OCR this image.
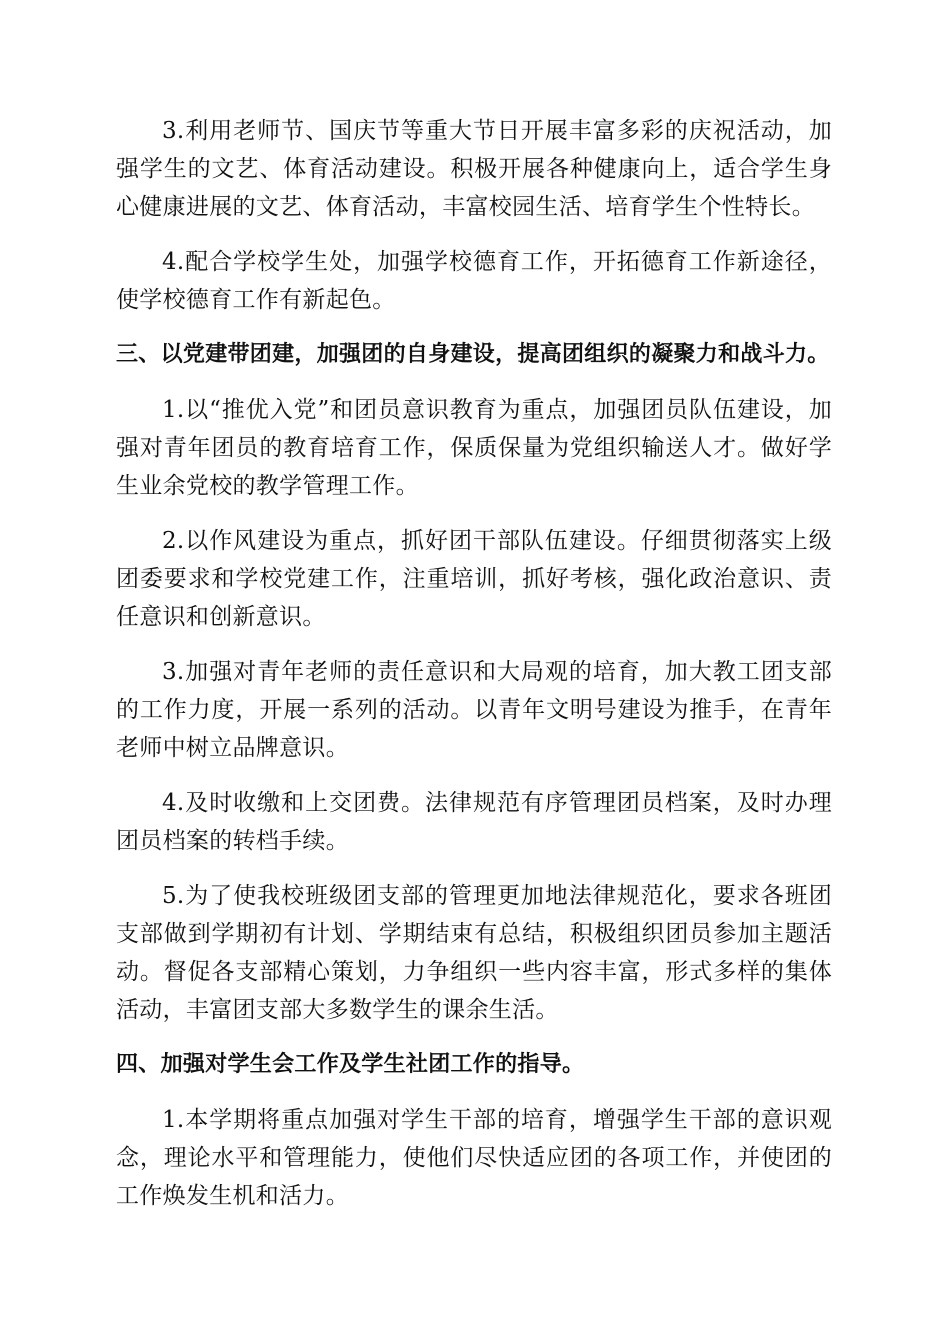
3.利用老师节、国庆节等重大节日开展丰富多彩的庆祝活动，加强学生的文艺、体育活动建设。积极开展各种健康向上，适合学生身心健康进展的文艺、体育活动，丰富校园生活、培育学生个性特长。

4.配合学校学生处，加强学校德育工作，开拓德育工作新途径，使学校德育工作有新起色。

三、以党建带团建，加强团的自身建设，提高团组织的凝聚力和战斗力。

1.以“推优入党”和团员意识教育为重点，加强团员队伍建设，加强对青年团员的教育培育工作，保质保量为党组织输送人才。做好学生业余党校的教学管理工作。

2.以作风建设为重点，抓好团干部队伍建设。仔细贯彻落实上级团委要求和学校党建工作，注重培训，抓好考核，强化政治意识、责任意识和创新意识。

3.加强对青年老师的责任意识和大局观的培育，加大教工团支部的工作力度，开展一系列的活动。以青年文明号建设为推手，在青年老师中树立品牌意识。

4.及时收缴和上交团费。法律规范有序管理团员档案，及时办理团员档案的转档手续。

5.为了使我校班级团支部的管理更加地法律规范化，要求各班团支部做到学期初有计划、学期结束有总结，积极组织团员参加主题活动。督促各支部精心策划，力争组织一些内容丰富，形式多样的集体活动，丰富团支部大多数学生的课余生活。

四、加强对学生会工作及学生社团工作的指导。

1.本学期将重点加强对学生干部的培育，增强学生干部的意识观念，理论水平和管理能力，使他们尽快适应团的各项工作，并使团的工作焕发生机和活力。
